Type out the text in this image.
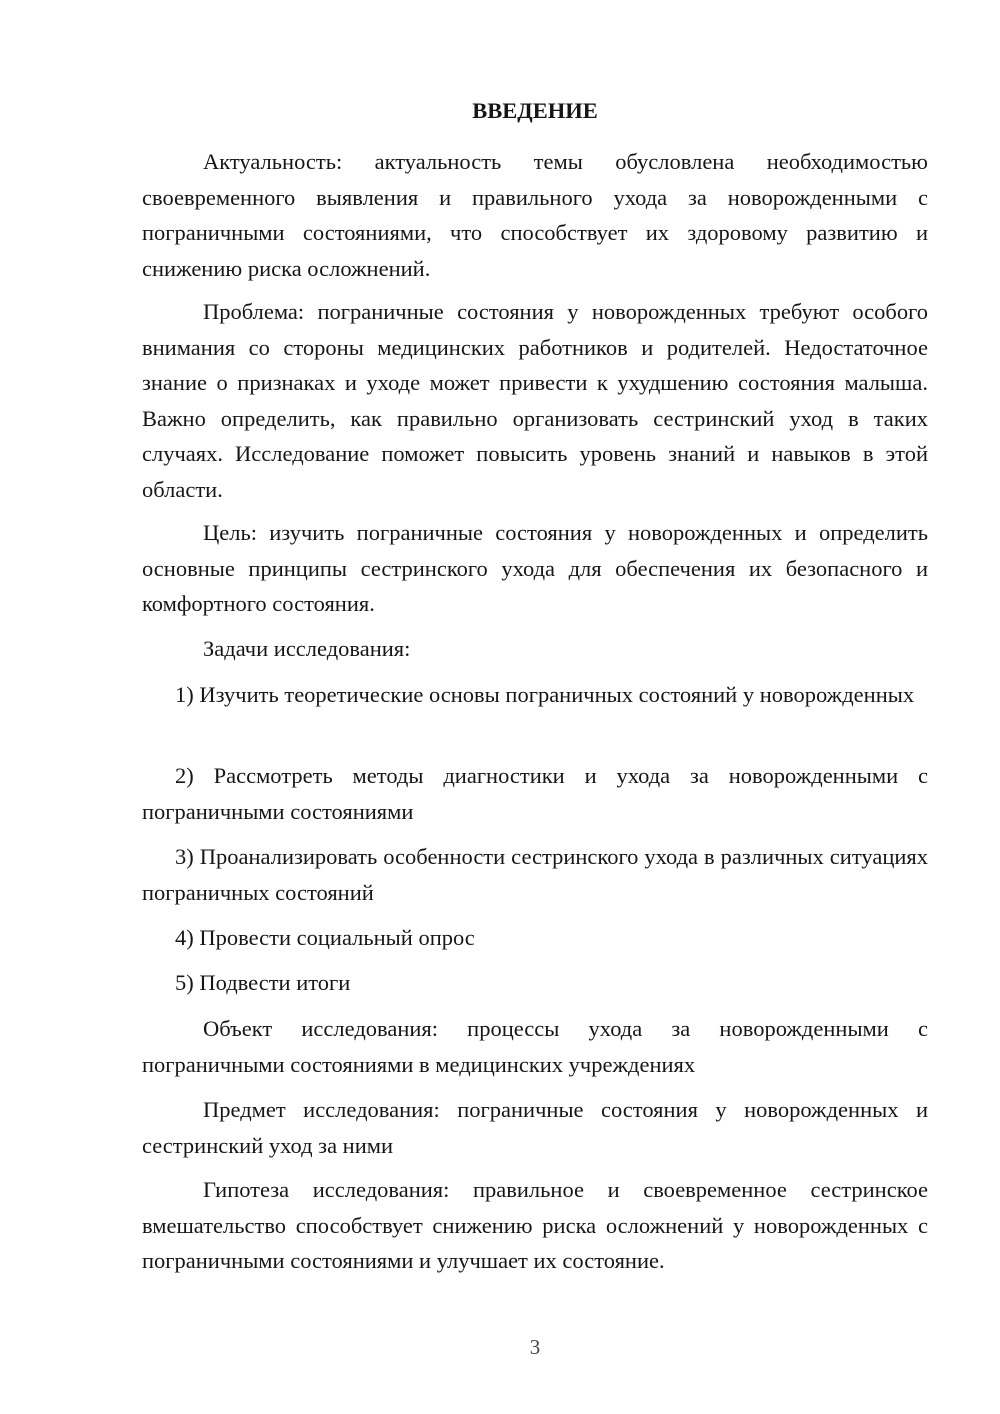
ВВЕДЕНИЕ

Актуальность: актуальность темы обусловлена необходимостью своевременного выявления и правильного ухода за новорожденными с пограничными состояниями, что способствует их здоровому развитию и снижению риска осложнений.

Проблема: пограничные состояния у новорожденных требуют особого внимания со стороны медицинских работников и родителей. Недостаточное знание о признаках и уходе может привести к ухудшению состояния малыша. Важно определить, как правильно организовать сестринский уход в таких случаях. Исследование поможет повысить уровень знаний и навыков в этой области.

Цель: изучить пограничные состояния у новорожденных и определить основные принципы сестринского ухода для обеспечения их безопасного и комфортного состояния.

Задачи исследования:

1) Изучить теоретические основы пограничных состояний у новорожденных

2) Рассмотреть методы диагностики и ухода за новорожденными с пограничными состояниями

3) Проанализировать особенности сестринского ухода в различных ситуациях пограничных состояний

4) Провести социальный опрос

5) Подвести итоги

Объект исследования: процессы ухода за новорожденными с пограничными состояниями в медицинских учреждениях

Предмет исследования: пограничные состояния у новорожденных и сестринский уход за ними

Гипотеза исследования: правильное и своевременное сестринское вмешательство способствует снижению риска осложнений у новорожденных с пограничными состояниями и улучшает их состояние.

3
